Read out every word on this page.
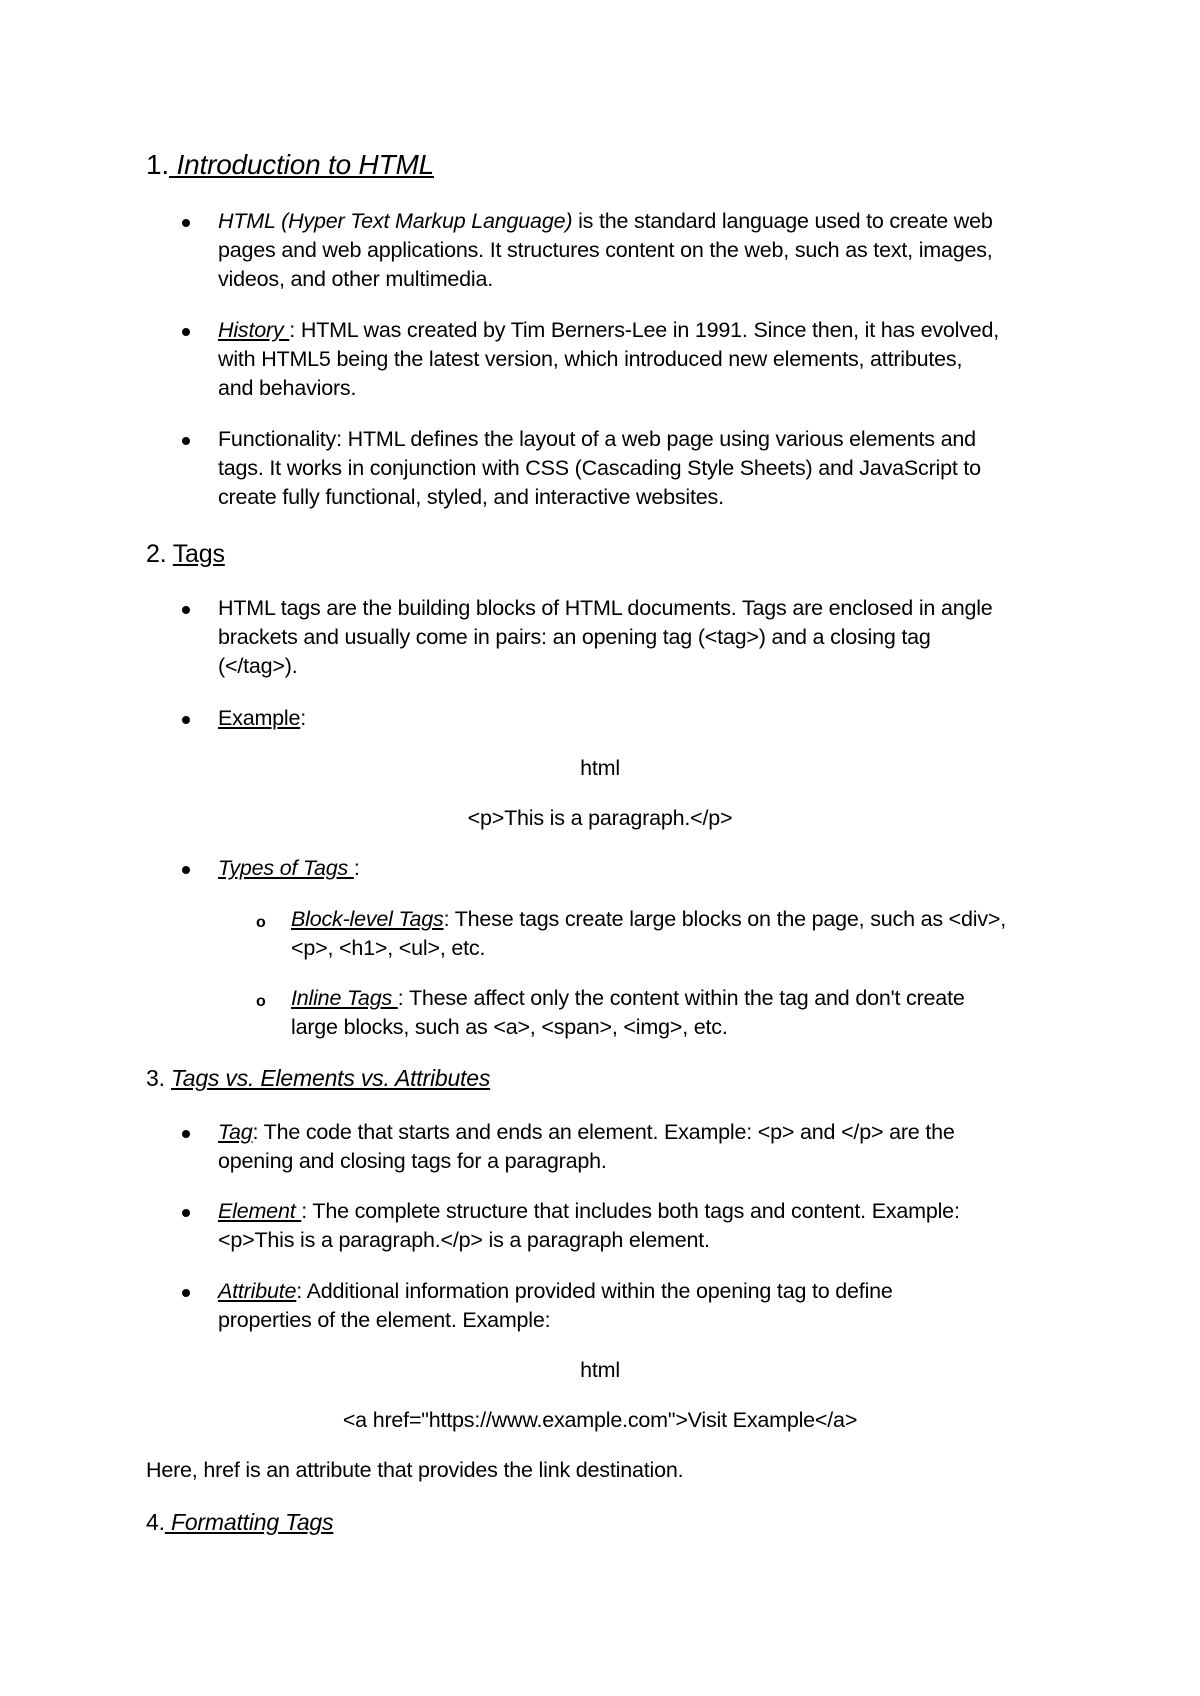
1. Introduction to HTML
HTML (Hyper Text Markup Language) is the standard language used to create web
pages and web applications. It structures content on the web, such as text, images,
videos, and other multimedia.
History : HTML was created by Tim Berners-Lee in 1991. Since then, it has evolved,
with HTML5 being the latest version, which introduced new elements, attributes,
and behaviors.
Functionality: HTML defines the layout of a web page using various elements and
tags. It works in conjunction with CSS (Cascading Style Sheets) and JavaScript to
create fully functional, styled, and interactive websites.
2. Tags
HTML tags are the building blocks of HTML documents. Tags are enclosed in angle
brackets and usually come in pairs: an opening tag (<tag>) and a closing tag
(</tag>).
Example:
html
<p>This is a paragraph.</p>
Types of Tags :
o Block-level Tags: These tags create large blocks on the page, such as <div>,
<p>, <h1>, <ul>, etc.
o Inline Tags : These affect only the content within the tag and don't create
large blocks, such as <a>, <span>, <img>, etc.
3. Tags vs. Elements vs. Attributes
Tag: The code that starts and ends an element. Example: <p> and </p> are the
opening and closing tags for a paragraph.
Element : The complete structure that includes both tags and content. Example:
<p>This is a paragraph.</p> is a paragraph element.
Attribute: Additional information provided within the opening tag to define
properties of the element. Example:
html
<a href="https://www.example.com">Visit Example</a>
Here, href is an attribute that provides the link destination.
4. Formatting Tags
